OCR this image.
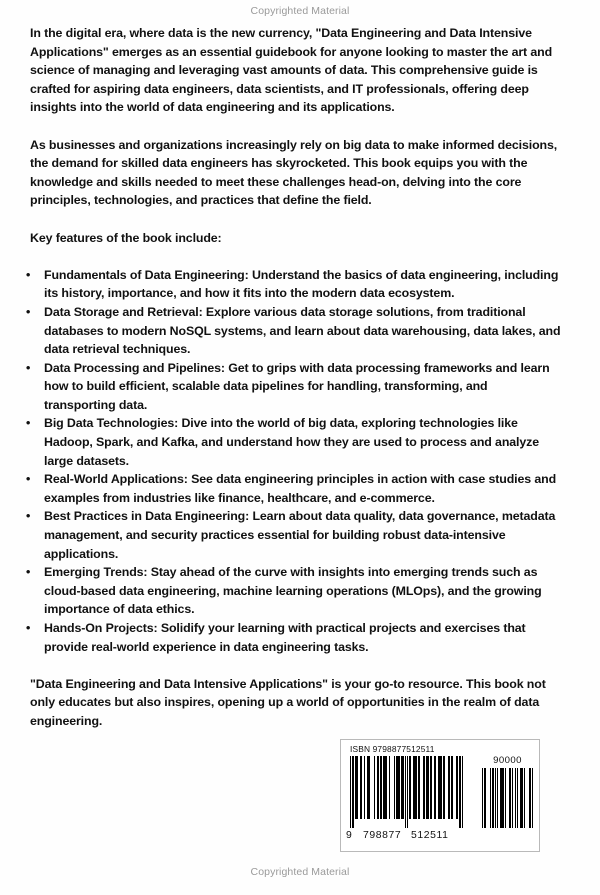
Copyrighted Material

In the digital era, where data is the new currency, "Data Engineering and Data Intensive Applications" emerges as an essential guidebook for anyone looking to master the art and science of managing and leveraging vast amounts of data. This comprehensive guide is crafted for aspiring data engineers, data scientists, and IT professionals, offering deep insights into the world of data engineering and its applications.

As businesses and organizations increasingly rely on big data to make informed decisions, the demand for skilled data engineers has skyrocketed. This book equips you with the knowledge and skills needed to meet these challenges head-on, delving into the core principles, technologies, and practices that define the field.

Key features of the book include:

• Fundamentals of Data Engineering: Understand the basics of data engineering, including its history, importance, and how it fits into the modern data ecosystem.
• Data Storage and Retrieval: Explore various data storage solutions, from traditional databases to modern NoSQL systems, and learn about data warehousing, data lakes, and data retrieval techniques.
• Data Processing and Pipelines: Get to grips with data processing frameworks and learn how to build efficient, scalable data pipelines for handling, transforming, and transporting data.
• Big Data Technologies: Dive into the world of big data, exploring technologies like Hadoop, Spark, and Kafka, and understand how they are used to process and analyze large datasets.
• Real-World Applications: See data engineering principles in action with case studies and examples from industries like finance, healthcare, and e-commerce.
• Best Practices in Data Engineering: Learn about data quality, data governance, metadata management, and security practices essential for building robust data-intensive applications.
• Emerging Trends: Stay ahead of the curve with insights into emerging trends such as cloud-based data engineering, machine learning operations (MLOps), and the growing importance of data ethics.
• Hands-On Projects: Solidify your learning with practical projects and exercises that provide real-world experience in data engineering tasks.

"Data Engineering and Data Intensive Applications" is your go-to resource. This book not only educates but also inspires, opening up a world of opportunities in the realm of data engineering.

ISBN 9798877512511
90000
9 798877 512511
Copyrighted Material
